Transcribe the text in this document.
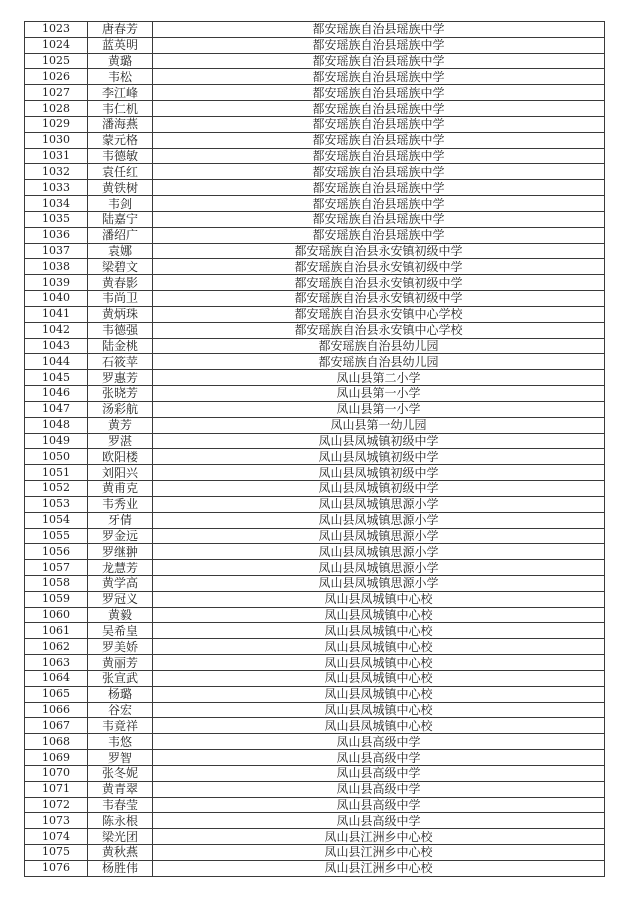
1023	唐春芳	都安瑶族自治县瑶族中学
1024	蓝英明	都安瑶族自治县瑶族中学
1025	黄璐	都安瑶族自治县瑶族中学
1026	韦松	都安瑶族自治县瑶族中学
1027	李江峰	都安瑶族自治县瑶族中学
1028	韦仁机	都安瑶族自治县瑶族中学
1029	潘海燕	都安瑶族自治县瑶族中学
1030	蒙元格	都安瑶族自治县瑶族中学
1031	韦德敏	都安瑶族自治县瑶族中学
1032	袁任红	都安瑶族自治县瑶族中学
1033	黄铁树	都安瑶族自治县瑶族中学
1034	韦剑	都安瑶族自治县瑶族中学
1035	陆嘉宁	都安瑶族自治县瑶族中学
1036	潘绍广	都安瑶族自治县瑶族中学
1037	袁娜	都安瑶族自治县永安镇初级中学
1038	梁碧文	都安瑶族自治县永安镇初级中学
1039	黄春影	都安瑶族自治县永安镇初级中学
1040	韦尚卫	都安瑶族自治县永安镇初级中学
1041	黄炳珠	都安瑶族自治县永安镇中心学校
1042	韦德强	都安瑶族自治县永安镇中心学校
1043	陆金桃	都安瑶族自治县幼儿园
1044	石筱苹	都安瑶族自治县幼儿园
1045	罗惠芳	凤山县第二小学
1046	张晓芳	凤山县第一小学
1047	汤彩航	凤山县第一小学
1048	黄芳	凤山县第一幼儿园
1049	罗湛	凤山县凤城镇初级中学
1050	欧阳楼	凤山县凤城镇初级中学
1051	刘阳兴	凤山县凤城镇初级中学
1052	黄甫克	凤山县凤城镇初级中学
1053	韦秀业	凤山县凤城镇思源小学
1054	牙倩	凤山县凤城镇思源小学
1055	罗金远	凤山县凤城镇思源小学
1056	罗继翀	凤山县凤城镇思源小学
1057	龙慧芳	凤山县凤城镇思源小学
1058	黄学高	凤山县凤城镇思源小学
1059	罗冠义	凤山县凤城镇中心校
1060	黄毅	凤山县凤城镇中心校
1061	吴希皇	凤山县凤城镇中心校
1062	罗美娇	凤山县凤城镇中心校
1063	黄丽芳	凤山县凤城镇中心校
1064	张宣武	凤山县凤城镇中心校
1065	杨璐	凤山县凤城镇中心校
1066	谷宏	凤山县凤城镇中心校
1067	韦竟祥	凤山县凤城镇中心校
1068	韦悠	凤山县高级中学
1069	罗智	凤山县高级中学
1070	张冬妮	凤山县高级中学
1071	黄青翠	凤山县高级中学
1072	韦春莹	凤山县高级中学
1073	陈永根	凤山县高级中学
1074	梁光团	凤山县江洲乡中心校
1075	黄秋燕	凤山县江洲乡中心校
1076	杨胜伟	凤山县江洲乡中心校
